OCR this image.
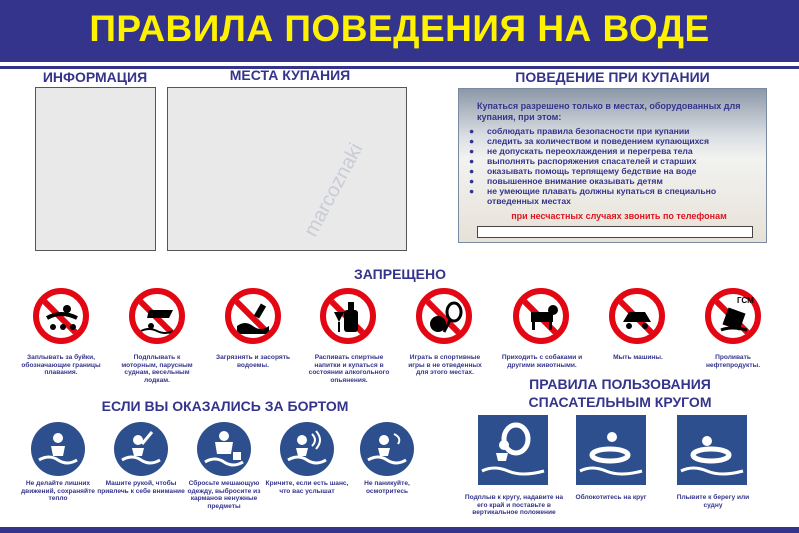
ПРАВИЛА ПОВЕДЕНИЯ НА ВОДЕ
ИНФОРМАЦИЯ	МЕСТА КУПАНИЯ	ПОВЕДЕНИЕ ПРИ КУПАНИИ
Купаться разрешено только в местах, оборудованных для купания, при этом:
● соблюдать правила безопасности при купании
● следить за количеством и поведением купающихся
● не допускать переохлаждения и перегрева тела
● выполнять распоряжения спасателей и старших
● оказывать помощь терпящему бедствие на воде
● повышенное внимание оказывать детям
● не умеющие плавать должны купаться в специально
отведенных местах
при несчастных случаях звонить по телефонам
ЗАПРЕЩЕНО
ГСМ
Заплывать за буйки, обозначающие границы плавания.
Подплывать к моторным, парусным суднам, весельным лодкам.
Загрязнять и засорять водоемы.
Распивать спиртные напитки и купаться в состоянии алкогольного опьянения.
Играть в спортивные игры в не отведенных для этого местах.
Приходить с собаками и другими животными.
Мыть машины.	Проливать нефтепродукты.
ЕСЛИ ВЫ ОКАЗАЛИСЬ ЗА БОРТОМ
Не делайте лишних движений, сохраняйте тепло
Машите рукой, чтобы привлечь к себе внимание
Сбросьте мешающую одежду, выбросите из карманов ненужные предметы
Кричите, если есть шанс, что вас услышат
Не паникуйте, осмотритесь
ПРАВИЛА ПОЛЬЗОВАНИЯ
СПАСАТЕЛЬНЫМ КРУГОМ
Подплыв к кругу, надавите на его край и поставьте в вертикальное положение
Облокотитесь на круг	Плывите к берегу или судну
marcoznaki
